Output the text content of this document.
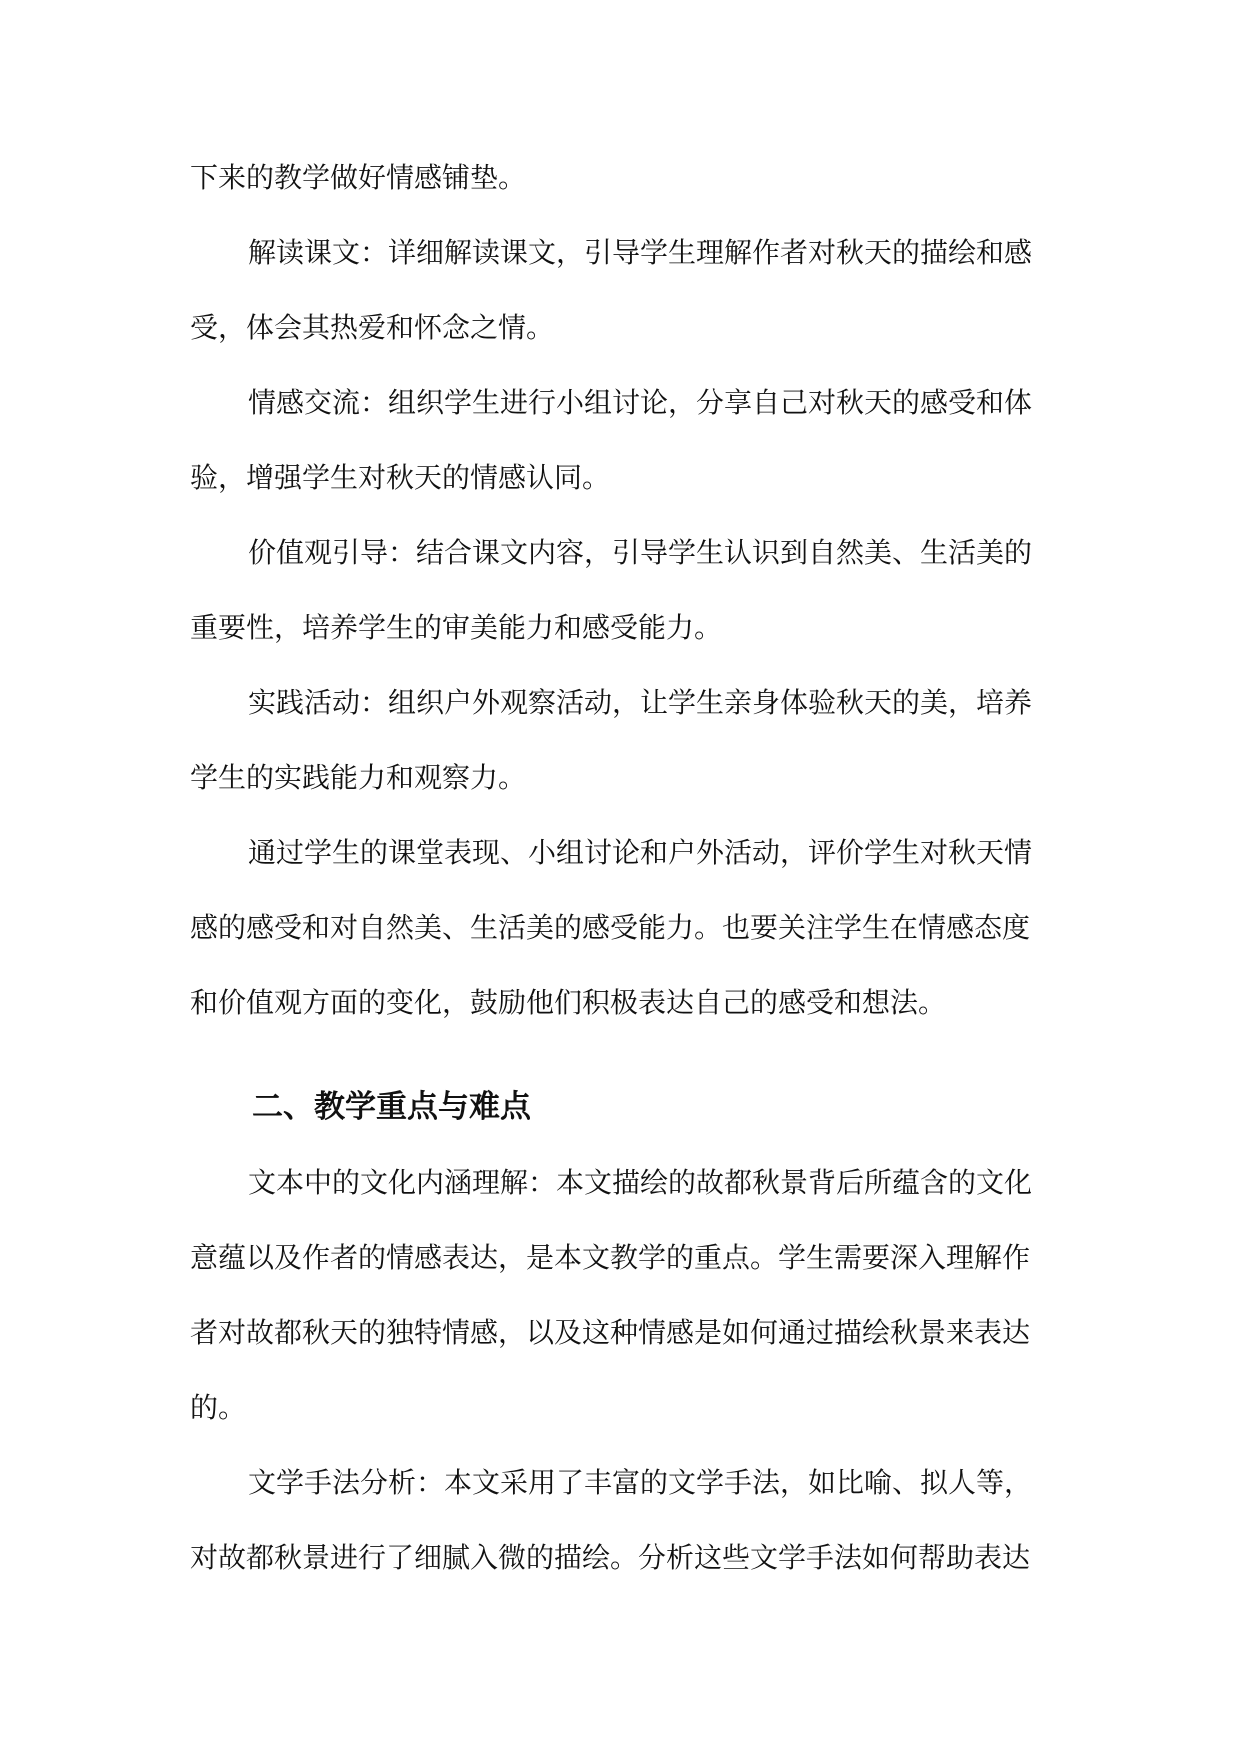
下来的教学做好情感铺垫。
解读课文：详细解读课文，引导学生理解作者对秋天的描绘和感
受，体会其热爱和怀念之情。
情感交流：组织学生进行小组讨论，分享自己对秋天的感受和体
验，增强学生对秋天的情感认同。
价值观引导：结合课文内容，引导学生认识到自然美、生活美的
重要性，培养学生的审美能力和感受能力。
实践活动：组织户外观察活动，让学生亲身体验秋天的美，培养
学生的实践能力和观察力。
通过学生的课堂表现、小组讨论和户外活动，评价学生对秋天情
感的感受和对自然美、生活美的感受能力。也要关注学生在情感态度
和价值观方面的变化，鼓励他们积极表达自己的感受和想法。
二、教学重点与难点
文本中的文化内涵理解：本文描绘的故都秋景背后所蕴含的文化
意蕴以及作者的情感表达，是本文教学的重点。学生需要深入理解作
者对故都秋天的独特情感，以及这种情感是如何通过描绘秋景来表达
的。
文学手法分析：本文采用了丰富的文学手法，如比喻、拟人等，
对故都秋景进行了细腻入微的描绘。分析这些文学手法如何帮助表达
